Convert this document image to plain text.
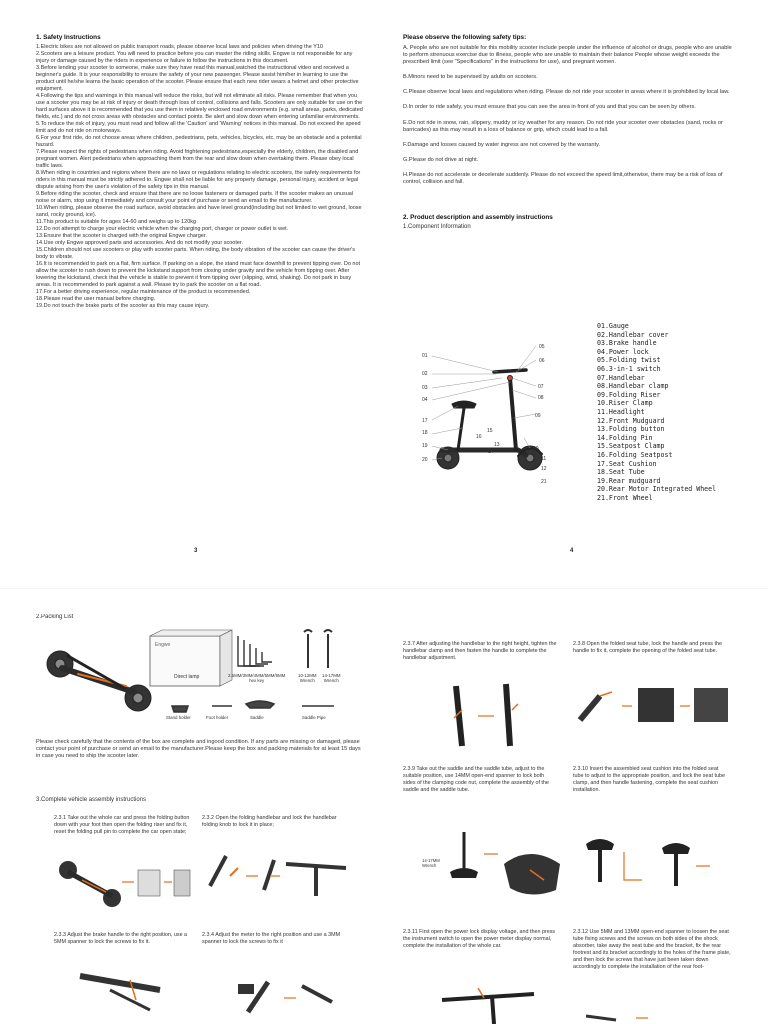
1. Safety Instructions
1.Electric bikes are not allowed on public transport roads, please observe local laws and policies when driving the Y10
2.Scooters are a leisure product. You will need to practice before you can master the riding skills. Engwe is not responsible for any injury or damage caused by the riders in experience or failure to follow the instructions in this document.
3.Before lending your scooter to someone, make sure they have read this manual,watched the instructional video and received a beginner's guide. It is your responsibility to ensure the safety of your new passenger. Please assist him/her in learning to use the product until he/she learns the basic operation of the scooter. Please ensure that each new rider wears a helmet and other protective equipment.
4.Following the tips and warnings in this manual will reduce the risks, but will not eliminate all risks. Please remember that when you use a scooter you may be at risk of injury or death through loss of control, collisions and falls. Scooters are only suitable for use on the hard surfaces above it is recommended that you use them in relatively enclosed road environments (e.g. small areas, parks, dedicated fields, etc.) and do not cross areas with obstacles and contact points. Be alert and slow down when entering unfamiliar environments.
5.To reduce the risk of injury, you must read and follow all the 'Caution' and 'Warning' notices in this manual. Do not exceed the speed limit and do not ride on motorways.
6.For your first ride, do not choose areas where children, pedestrians, pets, vehicles, bicycles, etc. may be an obstacle and a potential hazard.
7.Please respect the rights of pedestrians when riding. Avoid frightening pedestrians,especially the elderly, children, the disabled and pregnant women. Alert pedestrians when approaching them from the rear and slow down when overtaking them. Please obey local traffic laws.
8.When riding in countries and regions where there are no laws or regulations relating to electric scooters, the safety requirements for riders in this manual must be strictly adhered to. Engwe shall not be liable for any property damage, personal injury, accident or legal dispute arising from the user's violation of the safety tips in this manual.
9.Before riding the scooter, check and ensure that there are no loose fasteners or damaged parts. If the scooter makes an unusual noise or alarm, stop using it immediately and consult your point of purchase or send an email to the manufacturer.
10.When riding, please observe the road surface, avoid obstacles and have level ground(including but not limited to wet ground, loose sand, rocky ground, ice).
11.This product is suitable for ages 14-60 and weighs up to 120kg
12.Do not attempt to charge your electric vehicle when the charging port, charger or power outlet is wet.
13.Ensure that the scooter is charged with the original Engwe charger.
14.Use only Engwe approved parts and accessories. And do not modify your scooter.
15.Children should not use scooters or play with scooter parts. When riding, the body vibration of the scooter can cause the driver's body to vibrate.
16.It is recommended to park on a flat, firm surface. If parking on a slope, the stand must face downhill to prevent tipping over. Do not allow the scooter to rush down to prevent the kickstand support from closing under gravity and the vehicle from tipping over. After lowering the kickstand, check that the vehicle is stable to prevent it from tipping over (slipping, wind, shaking). Do not park in busy areas. It is recommended to park against a wall. Please try to park the scooter on a flat road.
17.For a better driving experience, regular maintenance of the product is recommended.
18.Please read the user manual before charging.
19.Do not touch the brake parts of the scooter as this may cause injury.
3
Please observe the following safety tips:
A. People who are not suitable for this mobility scooter include people under the influence of alcohol or drugs, people who are unable to perform strenuous exercise due to illness, people who are unable to maintain their balance People whose weight exceeds the prescribed limit (see "Specifications" in the instructions for use), and pregnant women.
B.Minors need to be supervised by adults on scooters.
C.Please observe local laws and regulations when riding. Please do not ride your scooter in areas where it is prohibited by local law.
D.In order to ride safely, you must ensure that you can see the area in front of you and that you can be seen by others.
E.Do not ride in snow, rain, slippery, muddy or icy weather for any reason. Do not ride your scooter over obstacles (sand, rocks or barricades) as this may result in a loss of balance or grip, which could lead to a fall.
F.Damage and losses caused by water ingress are not covered by the warranty.
G.Please do not drive at night.
H.Please do not accelerate or decelerate suddenly. Please do not exceed the speed limit,otherwise, there may be a risk of loss of control, collision and fall.
2. Product description and assembly instructions
1.Component Information
01
02
03
04
17
18
19
20
05
06
07
08
09
10
11
12
21
13
14
15
16
01.Gauge
02.Handlebar cover
03.Brake handle
04.Power lock
05.Folding twist
06.3-in-1 switch
07.Handlebar
08.Handlebar clamp
09.Folding Riser
10.Riser Clamp
11.Headlight
12.Front Mudguard
13.Folding button
14.Folding Pin
15.Seatpost Clamp
16.Folding Seatpost
17.Seat Cushion
18.Seat Tube
19.Rear mudguard
20.Rear Motor Integrated Wheel
21.Front Wheel
4
2.Packing List
Engwe
Direct lamp	2.5MM/3MM/4MM/5MM/6MM
hex key
10-12MM
Wrench
14-17MM
Wrench
Stand holder	Foot holder	Saddle	Saddle Pipe
Please check carefully that the contents of the box are complete and ingood condition. If any parts are missing or damaged, please contact your point of purchase or send an email to the manufacturer.Please keep the box and packing materials for at least 15 days in case you need to ship the scooter later.
3.Complete vehicle assembly instructions
2.3.1 Take out the whole car and press the folding button down with your foot then open the folding riser and fix it, reset the folding pull pin to complete the car open state;
2.3.2 Open the folding handlebar and lock the handlebar folding knob to lock it in place;
2.3.3 Adjust the brake handle to the right position, use a 5MM spanner to lock the screws to fix it.
2.3.4 Adjust the meter to the right position and use a 3MM spanner to lock the screws to fix it
2.3.7 After adjusting the handlebar to the right height, tighten the handlebar clamp and then fasten the handle to complete the handlebar adjustment.
2.3.8 Open the folded seat tube, lock the handle and press the handle to fix it, complete the opening of the folded seat tube.
2.3.9 Take out the saddle and the saddle tube, adjust to the suitable position, use 14MM open-end spanner to lock both sides of the clamping code nut, complete the assembly of the saddle and the saddle tube.
2.3.10 Insert the assembled seat cushion into the folded seat tube to adjust to the appropriate position, and lock the seat tube clamp, and then handle fastening, complete the seat cushion installation.
14-17MM
Wrench
2.3.11 First open the power lock display voltage, and then press the instrument switch to open the power meter display normal, complete the installation of the whole car.
2.3.12 Use 5MM and 13MM open-end spanner to loosen the seat tube fixing screws and the screws on both sides of the shock absorber, take away the seat tube and the bracket, fix the rear footrest and its bracket accordingly to the holes of the frame plate, and then lock the screws that have just been taken down accordingly to complete the installation of the rear foot-
